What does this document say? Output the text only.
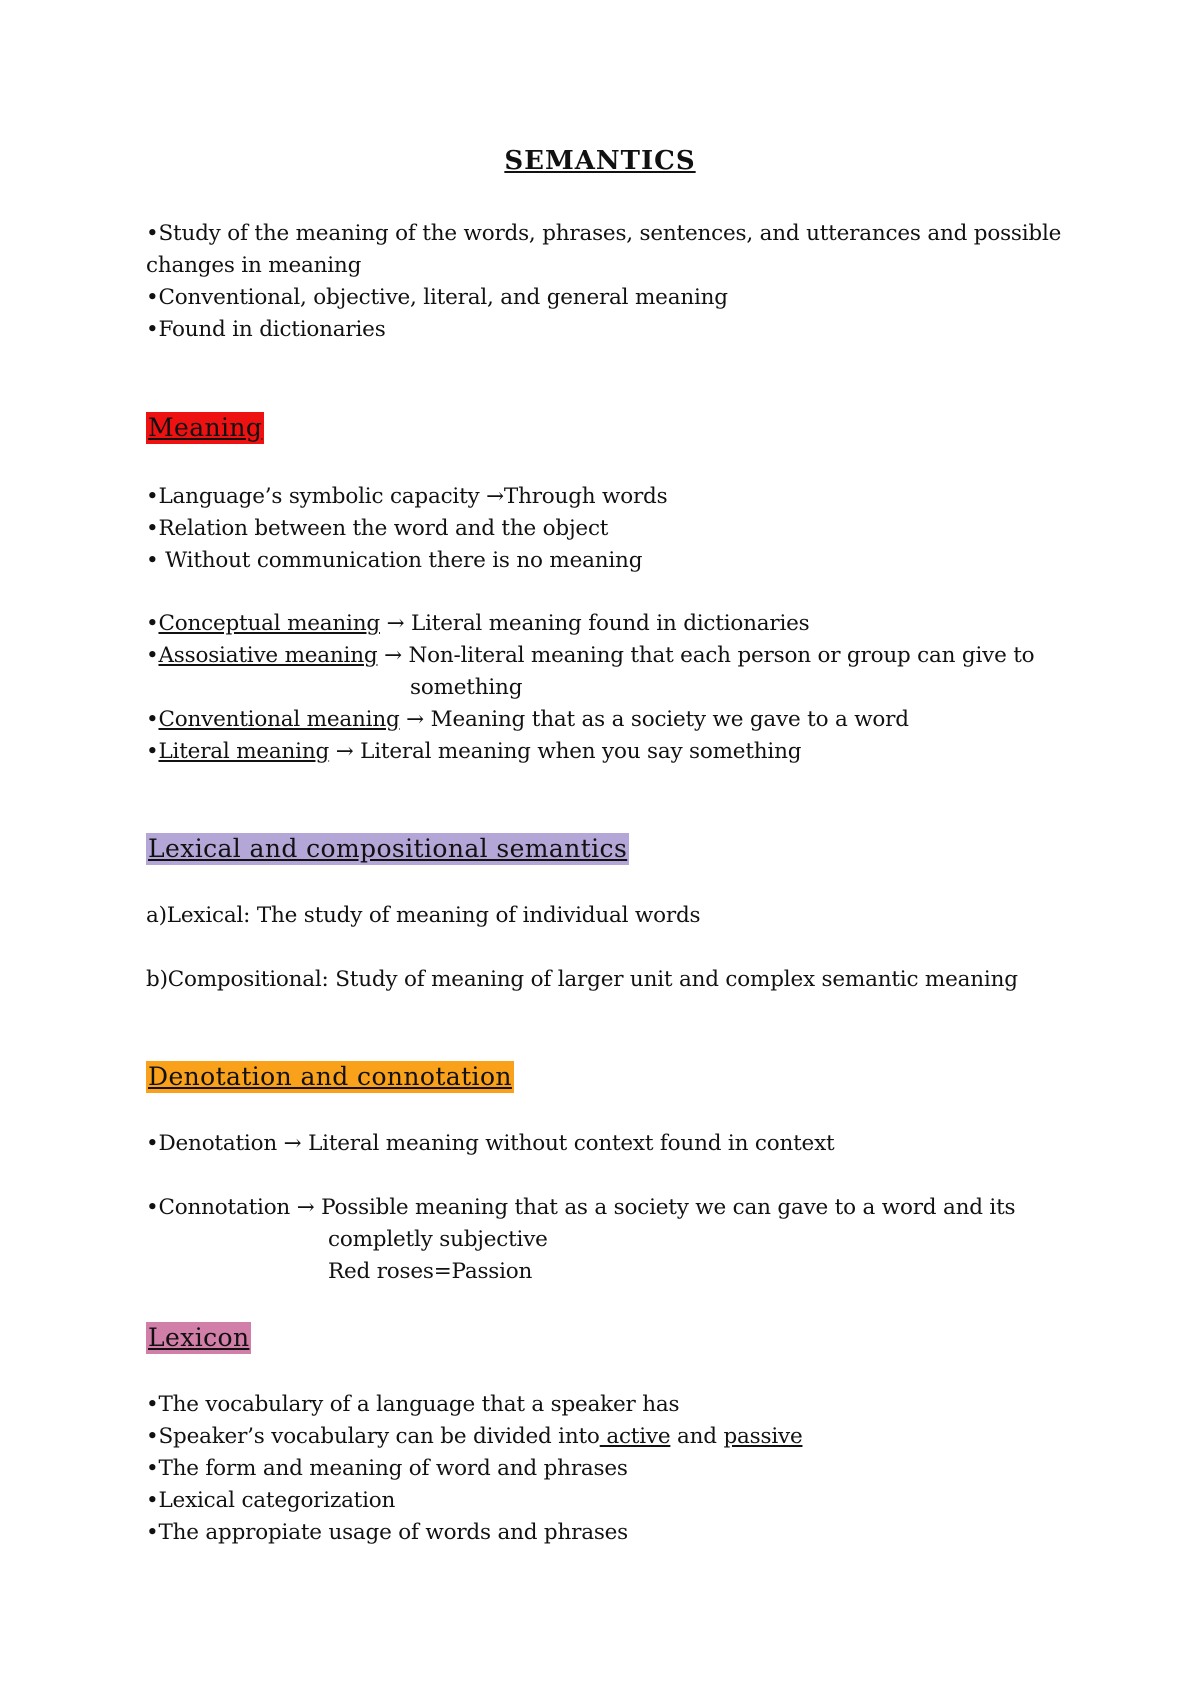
SEMANTICS
•Study of the meaning of the words, phrases, sentences, and utterances and possible
changes in meaning
•Conventional, objective, literal, and general meaning
•Found in dictionaries
Meaning
•Language’s symbolic capacity →Through words
•Relation between the word and the object
• Without communication there is no meaning
•Conceptual meaning → Literal meaning found in dictionaries
•Assosiative meaning → Non-literal meaning that each person or group can give to
something
•Conventional meaning → Meaning that as a society we gave to a word
•Literal meaning → Literal meaning when you say something
Lexical and compositional semantics
a)Lexical: The study of meaning of individual words
b)Compositional: Study of meaning of larger unit and complex semantic meaning
Denotation and connotation
•Denotation → Literal meaning without context found in context
•Connotation → Possible meaning that as a society we can gave to a word and its
completly subjective
Red roses=Passion
Lexicon
•The vocabulary of a language that a speaker has
•Speaker’s vocabulary can be divided into active and passive
•The form and meaning of word and phrases
•Lexical categorization
•The appropiate usage of words and phrases
